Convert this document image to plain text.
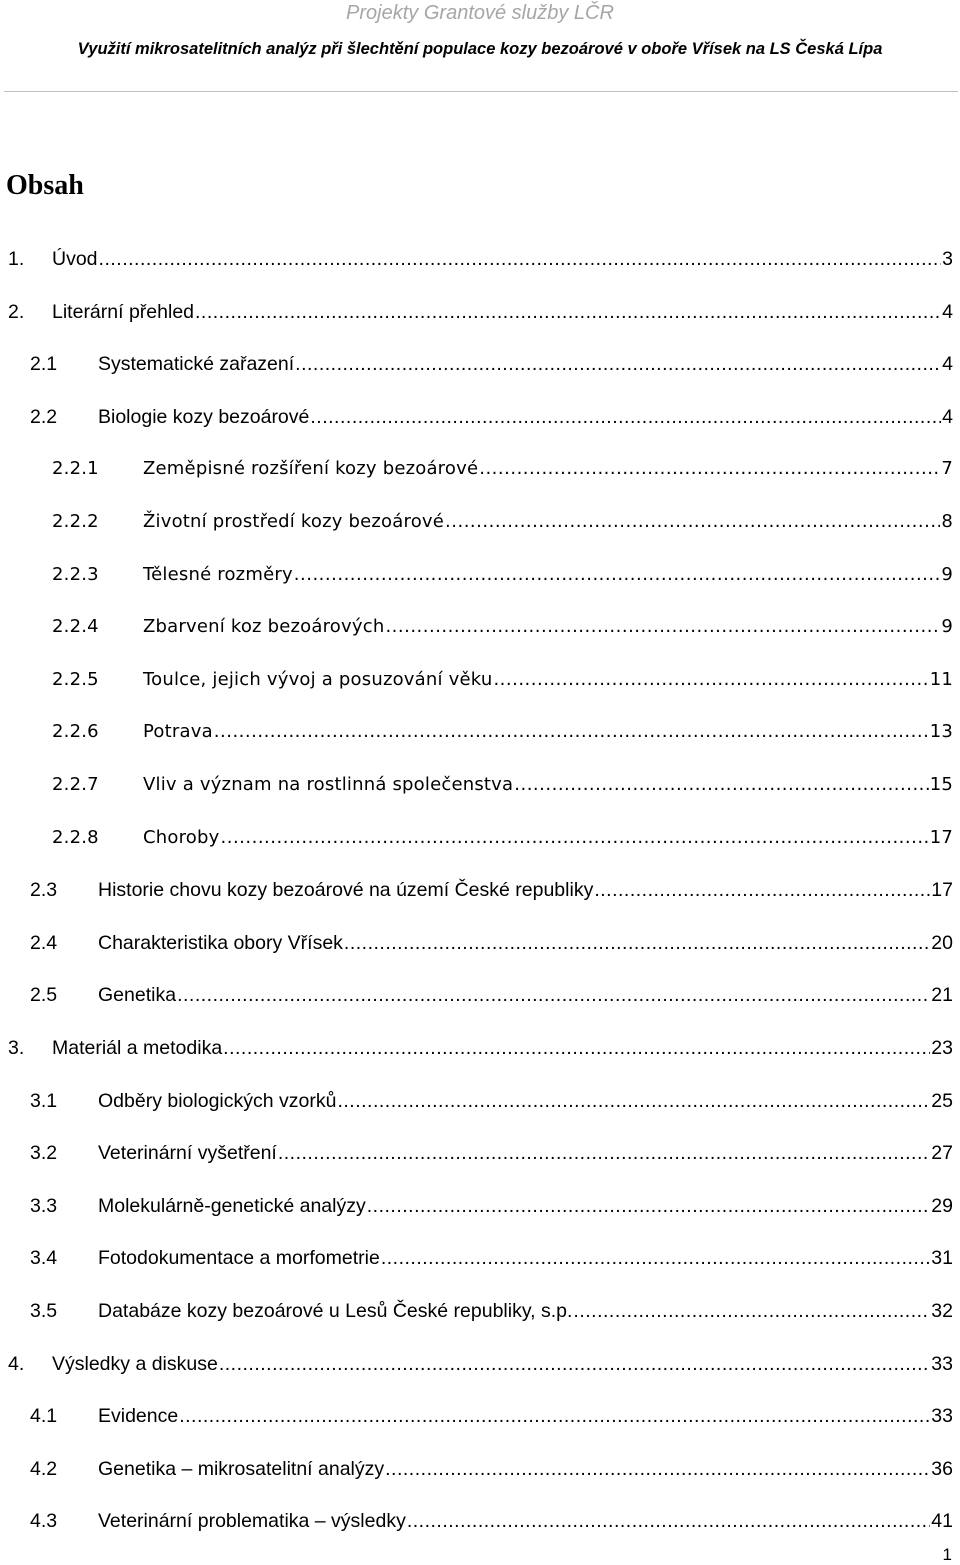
Projekty Grantové služby LČR
Využití mikrosatelitních analýz při šlechtění populace kozy bezoárové v oboře Vřísek na LS Česká Lípa
Obsah
1. Úvod .....	3
2. Literární přehled .....	4
2.1 Systematické zařazení .....	4
2.2 Biologie kozy bezoárové .....	4
2.2.1 Zeměpisné rozšíření kozy bezoárové .....	7
2.2.2 Životní prostředí kozy bezoárové .....	8
2.2.3 Tělesné rozměry .....	9
2.2.4 Zbarvení koz bezoárových .....	9
2.2.5 Toulce, jejich vývoj a posuzování věku .....	11
2.2.6 Potrava .....	13
2.2.7 Vliv a význam na rostlinná společenstva .....	15
2.2.8 Choroby .....	17
2.3 Historie chovu kozy bezoárové na území České republiky .....	17
2.4 Charakteristika obory Vřísek .....	20
2.5 Genetika .....	21
3. Materiál a metodika .....	23
3.1 Odběry biologických vzorků .....	25
3.2 Veterinární vyšetření .....	27
3.3 Molekulárně-genetické analýzy .....	29
3.4 Fotodokumentace a morfometrie .....	31
3.5 Databáze kozy bezoárové u Lesů České republiky, s.p. .....	32
4. Výsledky a diskuse .....	33
4.1 Evidence .....	33
4.2 Genetika – mikrosatelitní analýzy .....	36
4.3 Veterinární problematika – výsledky .....	41
1
